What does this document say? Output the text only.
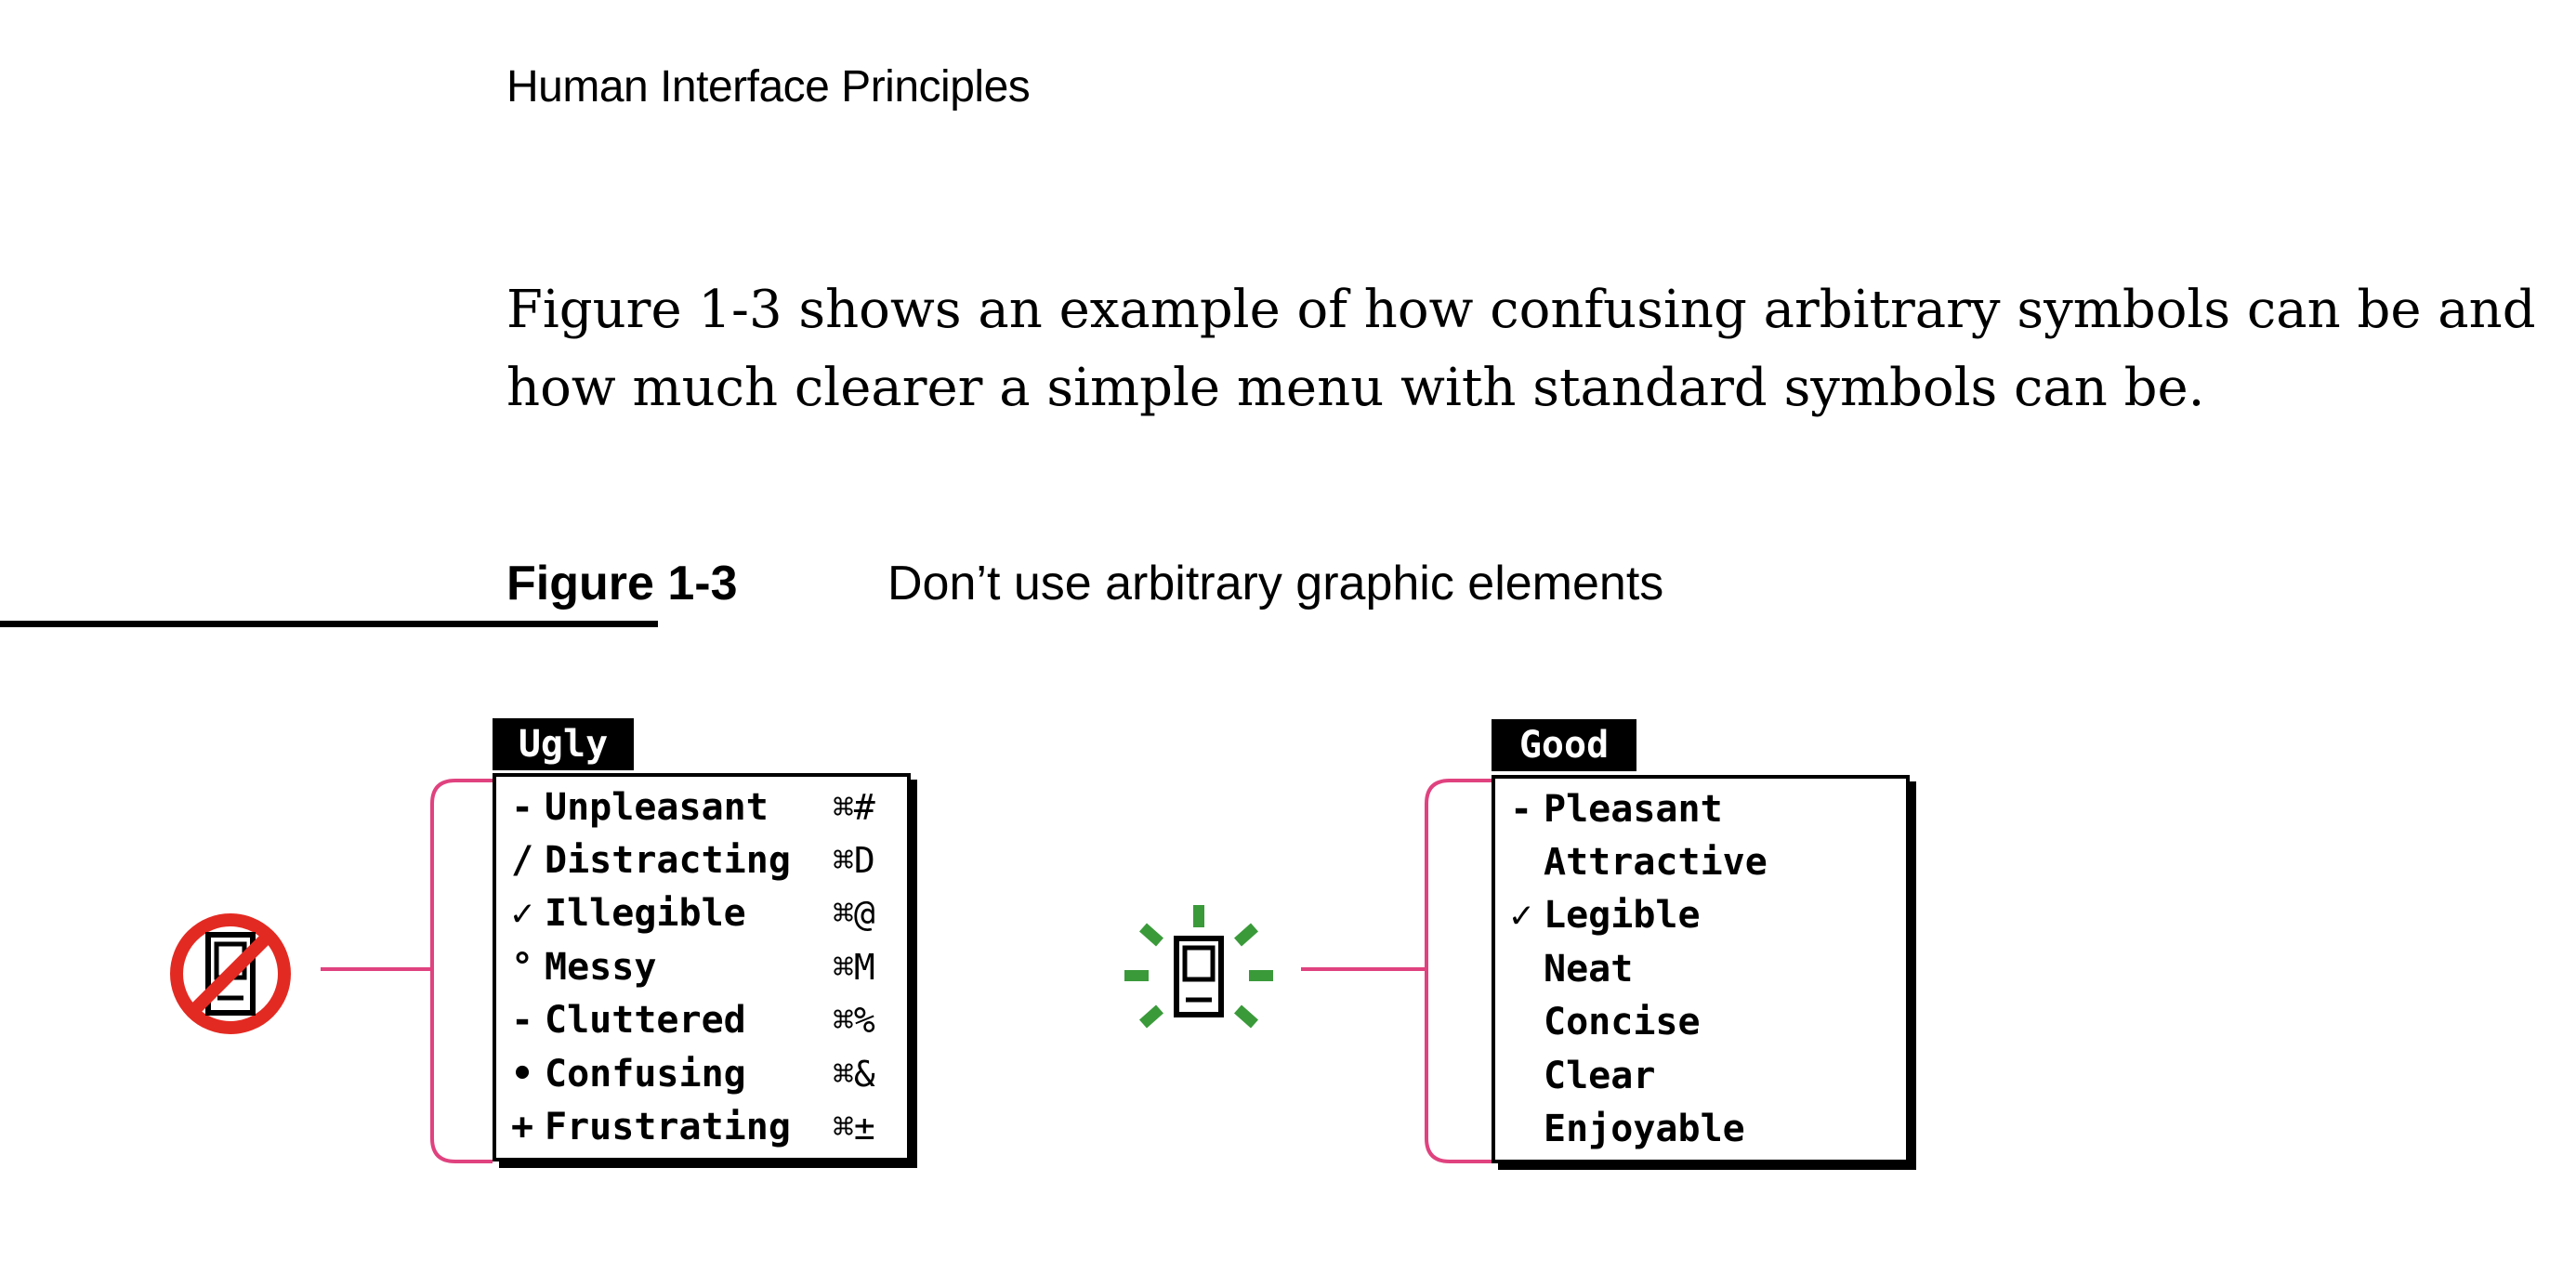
Human Interface Principles
Figure 1-3 shows an example of how confusing arbitrary symbols can be and
how much clearer a simple menu with standard symbols can be.
Figure 1-3	Don’t use arbitrary graphic elements
Ugly
- Unpleasant ⌘#
/ Distracting ⌘D
✓ Illegible ⌘@
° Messy	⌘M
- Cluttered ⌘%
• Confusing ⌘&
+ Frustrating ⌘±
Good
- Pleasant
Attractive
✓ Legible
Neat
Concise
Clear
Enjoyable
